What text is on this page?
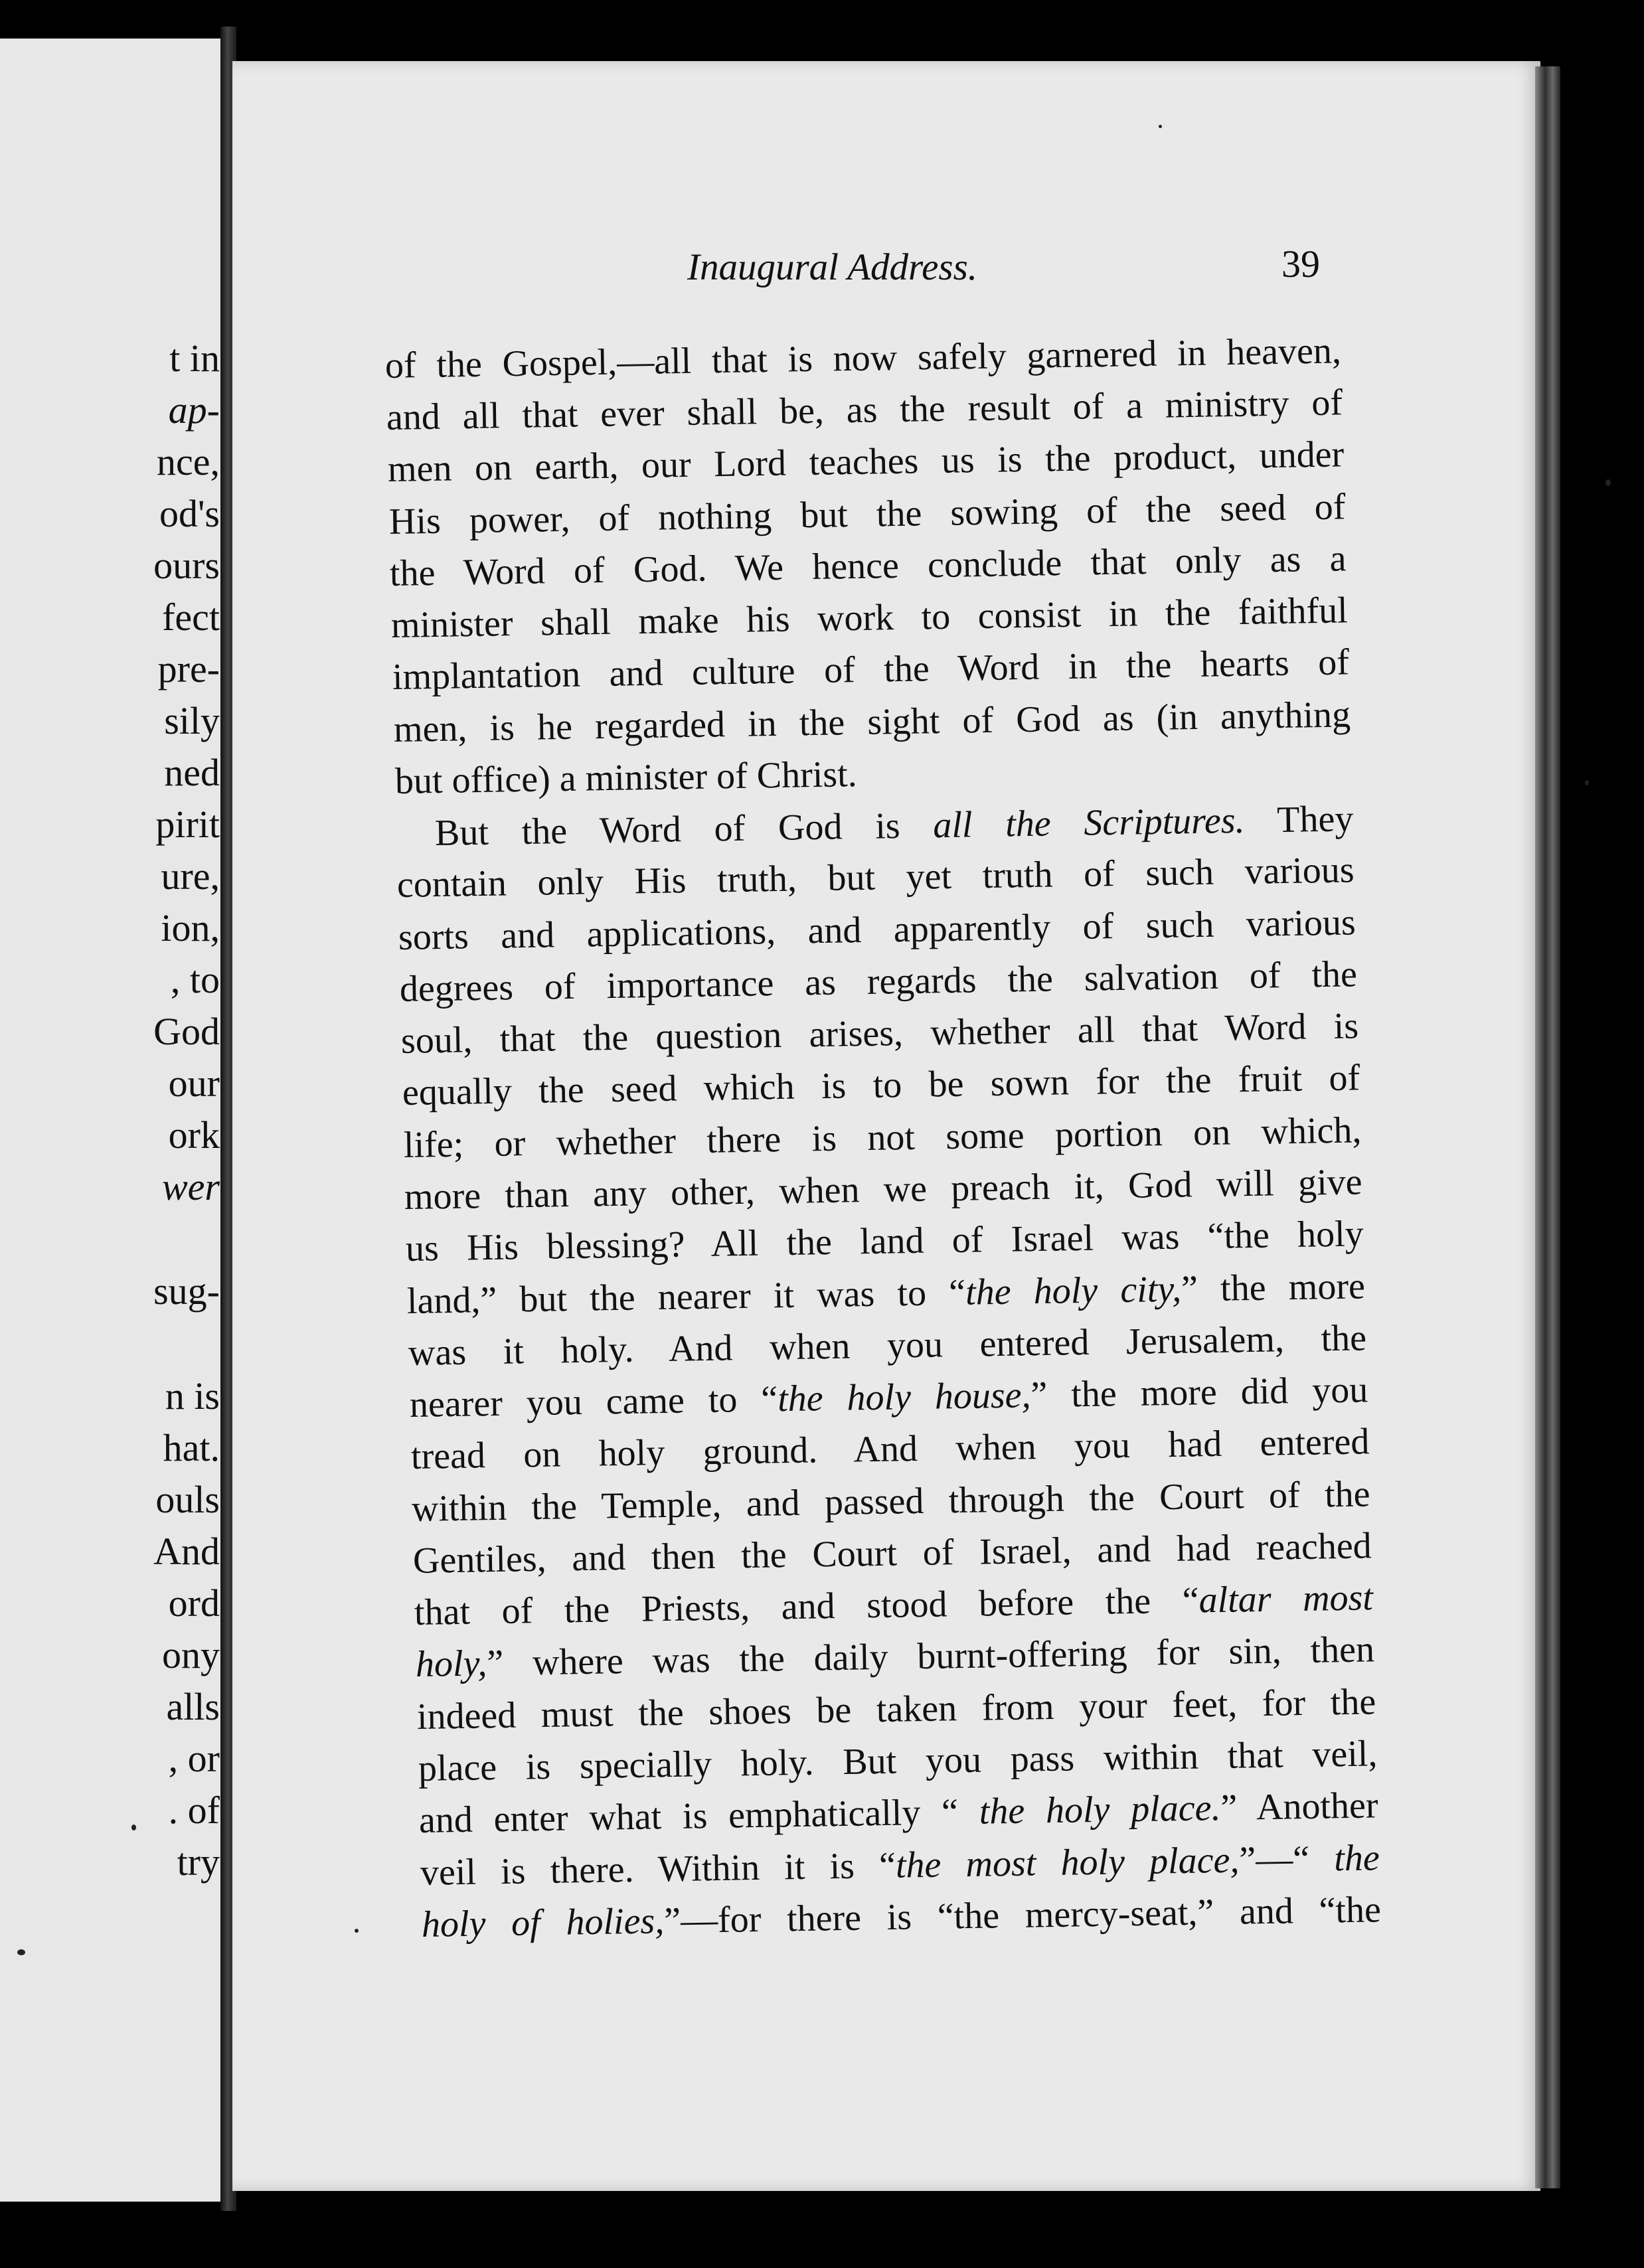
t in

ap-

nce,

od's

ours

fect

pre-

sily

ned

pirit

ure,

ion,

, to

God

our

ork

wer

sug-

n is

hat.

ouls

And

ord

ony

alls

, or

. of

try

Inaugural Address.	39

of the Gospel,—all that is now safely garnered in heaven,

and all that ever shall be, as the result of a ministry of

men on earth, our Lord teaches us is the product, under

His power, of nothing but the sowing of the seed of

the Word of God. We hence conclude that only as a

minister shall make his work to consist in the faithful

implantation and culture of the Word in the hearts of

men, is he regarded in the sight of God as (in anything

but office) a minister of Christ.

But the Word of God is all the Scriptures. They

contain only His truth, but yet truth of such various

sorts and applications, and apparently of such various

degrees of importance as regards the salvation of the

soul, that the question arises, whether all that Word is

equally the seed which is to be sown for the fruit of

life; or whether there is not some portion on which,

more than any other, when we preach it, God will give

us His blessing? All the land of Israel was “the holy

land,” but the nearer it was to “the holy city,” the more

was it holy. And when you entered Jerusalem, the

nearer you came to “the holy house,” the more did you

tread on holy ground. And when you had entered

within the Temple, and passed through the Court of the

Gentiles, and then the Court of Israel, and had reached

that of the Priests, and stood before the “altar most

holy,” where was the daily burnt-offering for sin, then

indeed must the shoes be taken from your feet, for the

place is specially holy. But you pass within that veil,

and enter what is emphatically “ the holy place.” Another

veil is there. Within it is “the most holy place,”—“ the

holy of holies,”—for there is “the mercy-seat,” and “the
